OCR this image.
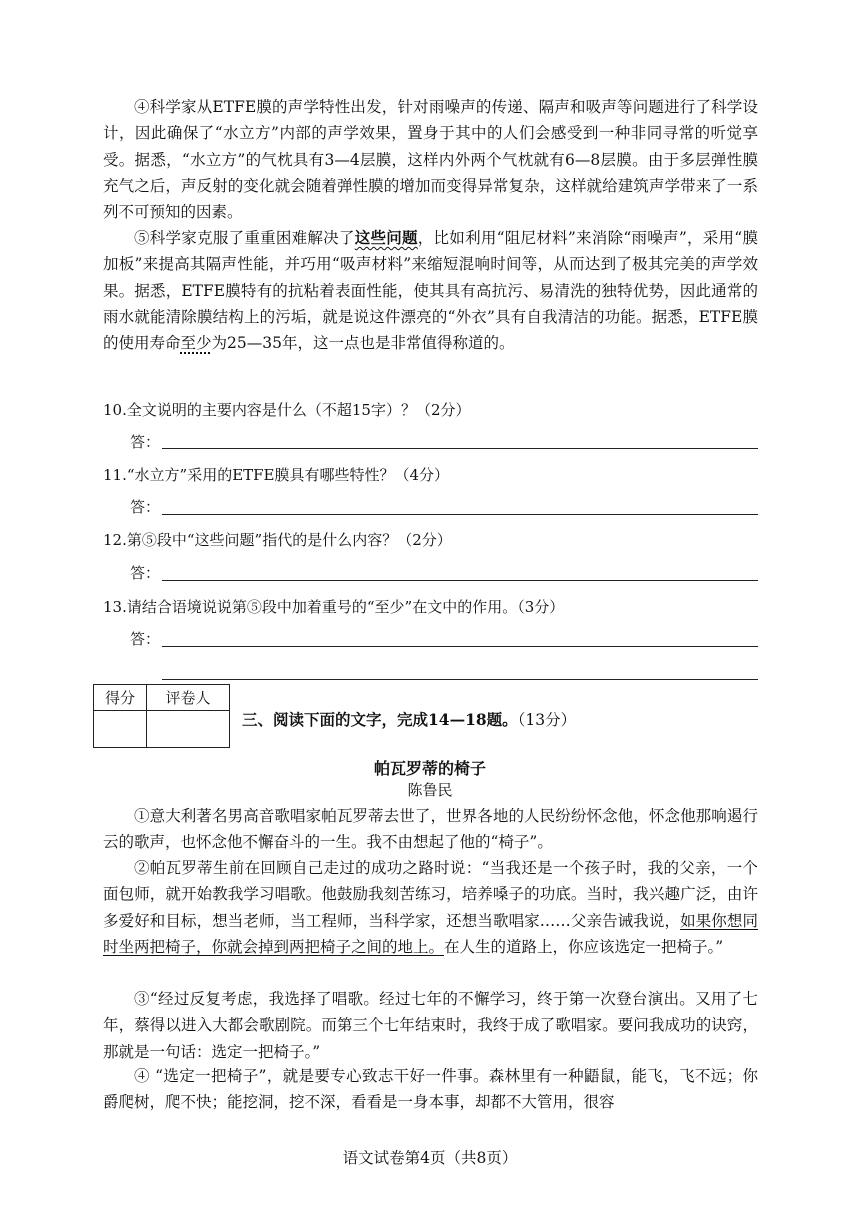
④科学家从ETFE膜的声学特性出发，针对雨噪声的传递、隔声和吸声等问题进行了科学设计，因此确保了“水立方”内部的声学效果，置身于其中的人们会感受到一种非同寻常的听觉享受。据悉，“水立方”的气枕具有3—4层膜，这样内外两个气枕就有6—8层膜。由于多层弹性膜充气之后，声反射的变化就会随着弹性膜的增加而变得异常复杂，这样就给建筑声学带来了一系列不可预知的因素。

⑤科学家克服了重重困难解决了这些问题，比如利用“阻尼材料”来消除“雨噪声”，采用“膜加板”来提高其隔声性能，并巧用“吸声材料”来缩短混响时间等，从而达到了极其完美的声学效果。据悉，ETFE膜特有的抗粘着表面性能，使其具有高抗污、易清洗的独特优势，因此通常的雨水就能清除膜结构上的污垢，就是说这件漂亮的“外衣”具有自我清洁的功能。据悉，ETFE膜的使用寿命至少为25—35年，这一点也是非常值得称道的。

10.全文说明的主要内容是什么（不超15字）？（2分）
答：
11.“水立方”采用的ETFE膜具有哪些特性？（4分）
答：
12.第⑤段中“这些问题”指代的是什么内容？（2分）
答：
13.请结合语境说说第⑤段中加着重号的“至少”在文中的作用。（3分）
答：
得分	评卷人

三、阅读下面的文字，完成14—18题。（13分）
帕瓦罗蒂的椅子
陈鲁民

①意大利著名男高音歌唱家帕瓦罗蒂去世了，世界各地的人民纷纷怀念他，怀念他那响遏行云的歌声，也怀念他不懈奋斗的一生。我不由想起了他的“椅子”。

②帕瓦罗蒂生前在回顾自己走过的成功之路时说：“当我还是一个孩子时，我的父亲，一个面包师，就开始教我学习唱歌。他鼓励我刻苦练习，培养嗓子的功底。当时，我兴趣广泛，由许多爱好和目标，想当老师，当工程师，当科学家，还想当歌唱家……父亲告诫我说，如果你想同时坐两把椅子，你就会掉到两把椅子之间的地上。在人生的道路上，你应该选定一把椅子。”

③“经过反复考虑，我选择了唱歌。经过七年的不懈学习，终于第一次登台演出。又用了七年，蔡得以进入大都会歌剧院。而第三个七年结束时，我终于成了歌唱家。要问我成功的诀窍，那就是一句话：选定一把椅子。”

④ “选定一把椅子”，就是要专心致志干好一件事。森林里有一种鼯鼠，能飞，飞不远；你爵爬树，爬不快；能挖洞，挖不深，看看是一身本事，却都不大管用，很容

语文试卷第4页（共8页）
